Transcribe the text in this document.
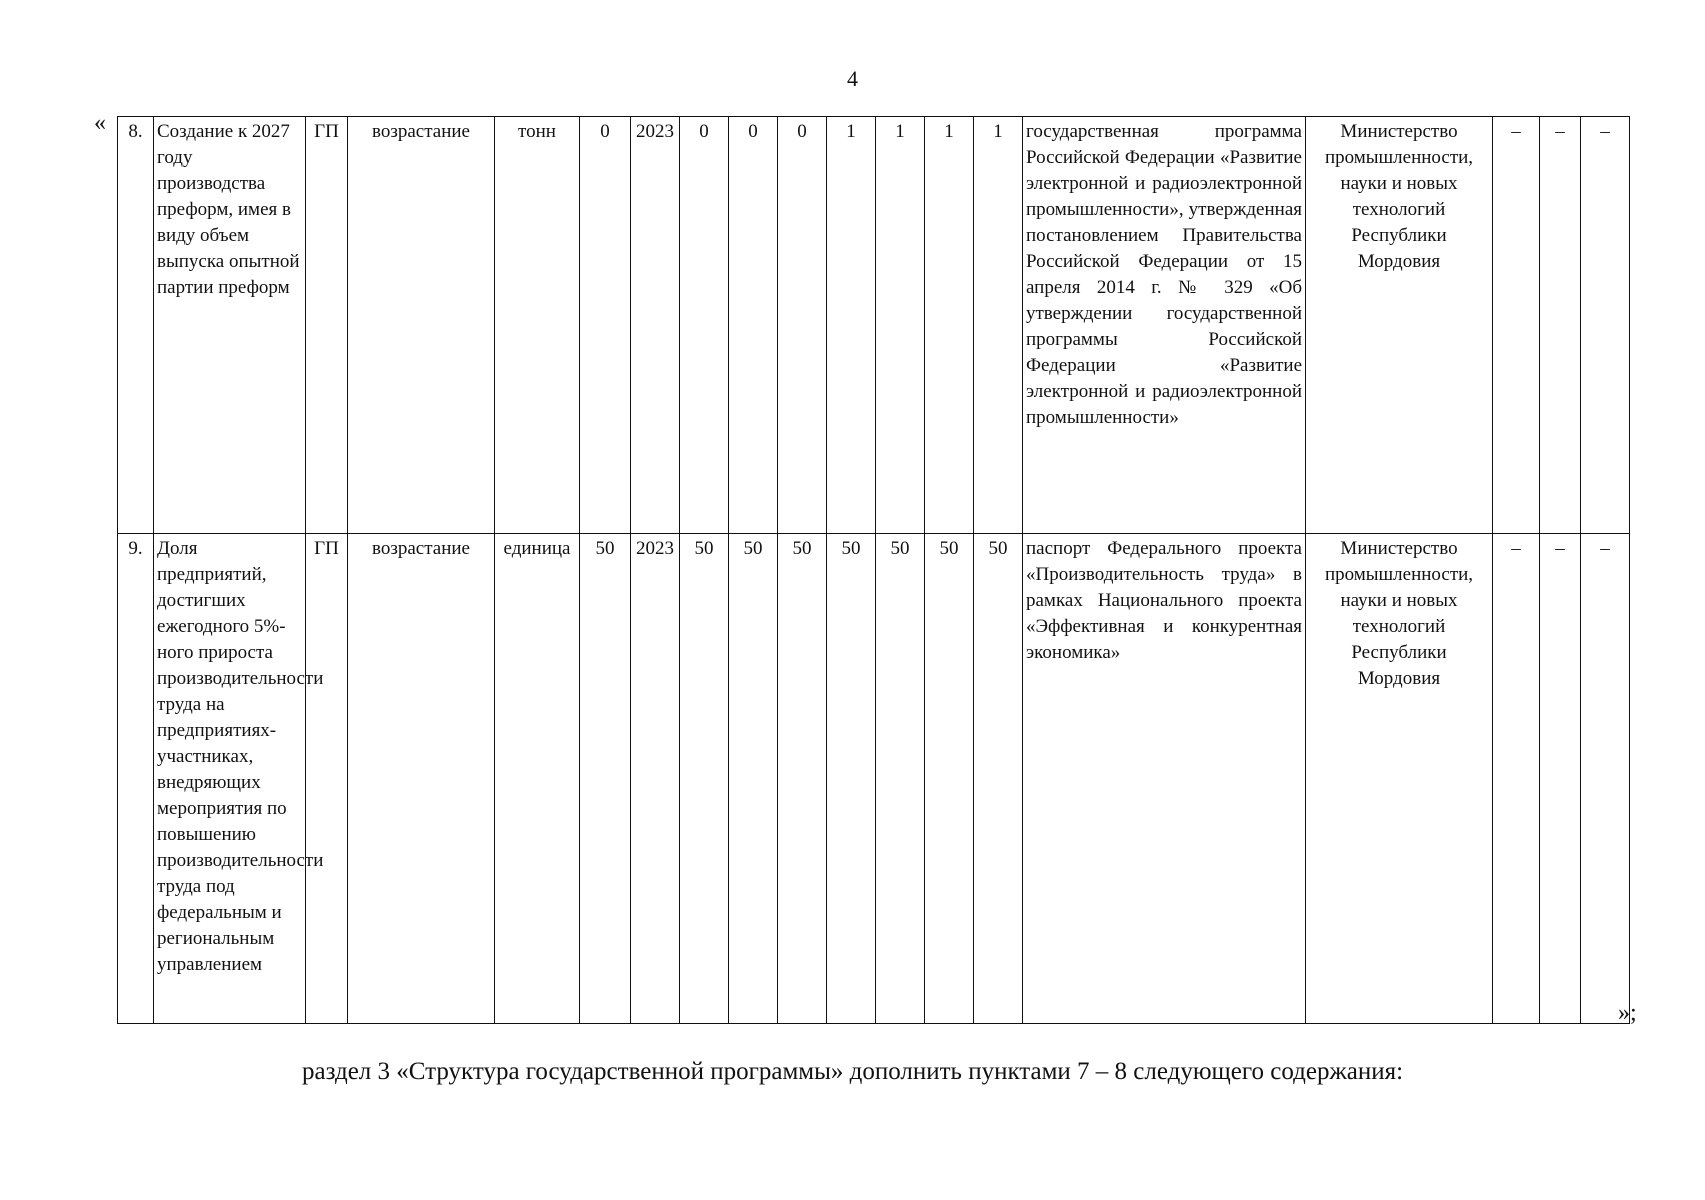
4
« 8.	Создание к 2027 году производства преформ, имея в виду объем выпуска опытной партии преформ	ГП	возрастание	тонн	0	2023	0	0	0	1	1	1	1	государственная программа Российской Федерации «Развитие электронной и радиоэлектронной промышленности», утвержденная постановлением Правительства Российской Федерации от 15 апреля 2014 г. № 329 «Об утверждении государственной программы Российской Федерации «Развитие электронной и радиоэлектронной промышленности»	Министерство промышленности, науки и новых технологий Республики Мордовия	–	–	–
9.	Доля предприятий, достигших ежегодного 5%-ного прироста производительности труда на предприятиях-участниках, внедряющих мероприятия по повышению производительности труда под федеральным и региональным управлением	ГП	возрастание	единица	50	2023	50	50	50	50	50	50	50	паспорт Федерального проекта «Производительность труда» в рамках Национального проекта «Эффективная и конкурентная экономика»	Министерство промышленности, науки и новых технологий Республики Мордовия	–	–	–
»;
раздел 3 «Структура государственной программы» дополнить пунктами 7 – 8 следующего содержания:
